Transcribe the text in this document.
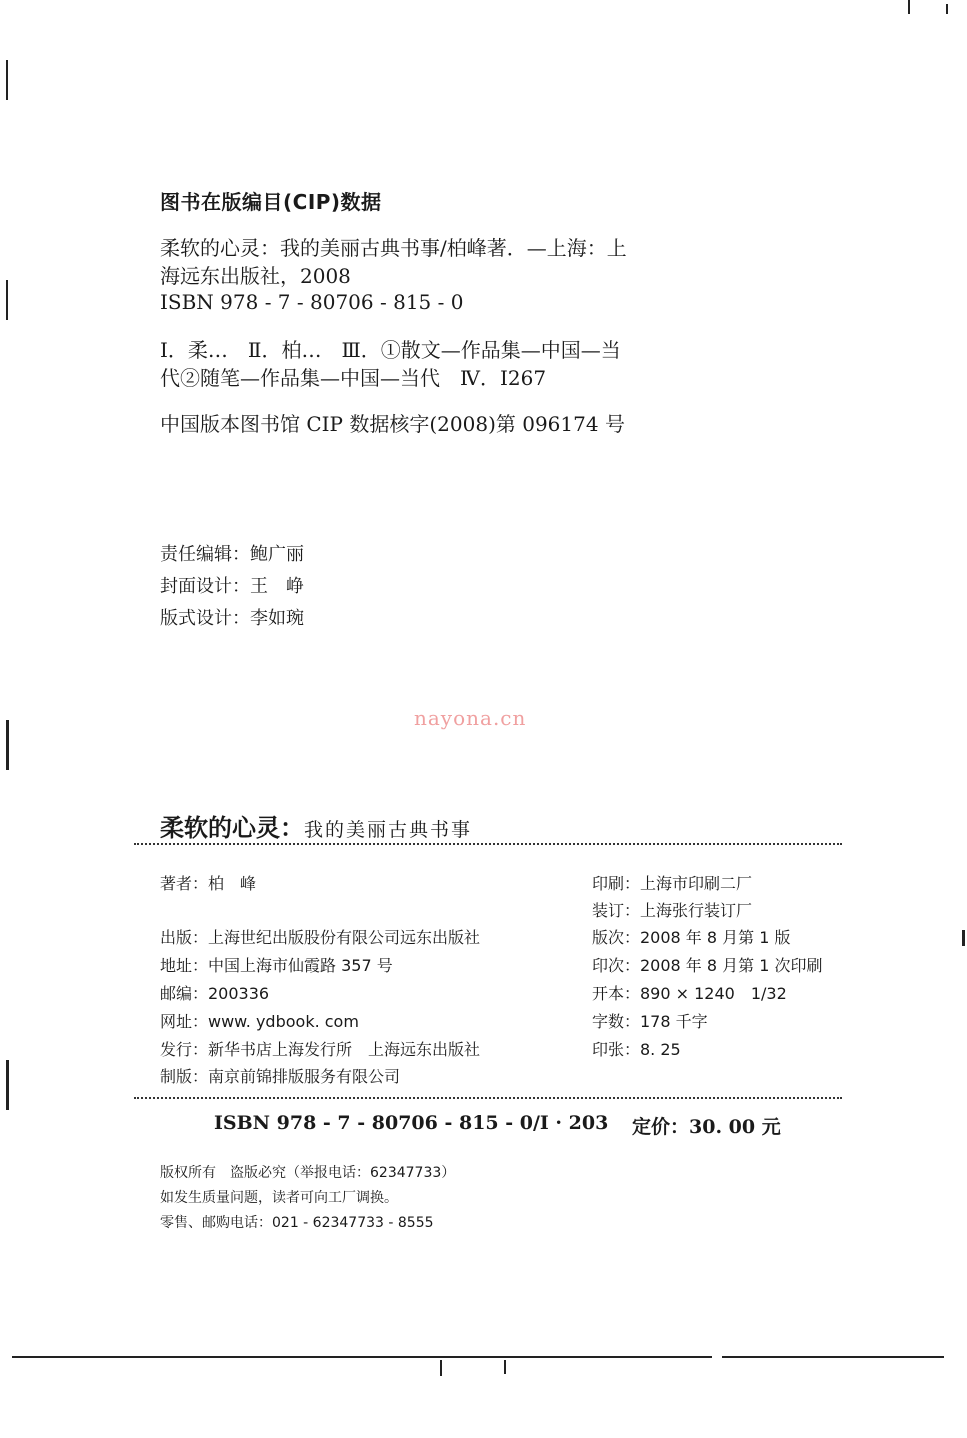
图书在版编目(CIP)数据
柔软的心灵：我的美丽古典书事/柏峰著．—上海：上
海远东出版社，2008
ISBN 978 - 7 - 80706 - 815 - 0
Ⅰ．柔…　Ⅱ．柏…　Ⅲ．①散文—作品集—中国—当
代②随笔—作品集—中国—当代　Ⅳ．I267
中国版本图书馆 CIP 数据核字(2008)第 096174 号
责任编辑：鲍广丽
封面设计：王　峥
版式设计：李如琬
nayona.cn
柔软的心灵：我的美丽古典书事
著者：柏　峰
出版：上海世纪出版股份有限公司远东出版社
地址：中国上海市仙霞路 357 号
邮编：200336
网址：www. ydbook. com
发行：新华书店上海发行所　上海远东出版社
制版：南京前锦排版服务有限公司
印刷：上海市印刷二厂
装订：上海张行装订厂
版次：2008 年 8 月第 1 版
印次：2008 年 8 月第 1 次印刷
开本：890 × 1240　1/32
字数：178 千字
印张：8. 25
ISBN 978 - 7 - 80706 - 815 - 0/I · 203 定价：30. 00 元
版权所有　盗版必究（举报电话：62347733）
如发生质量问题，读者可向工厂调换。
零售、邮购电话：021 - 62347733 - 8555
